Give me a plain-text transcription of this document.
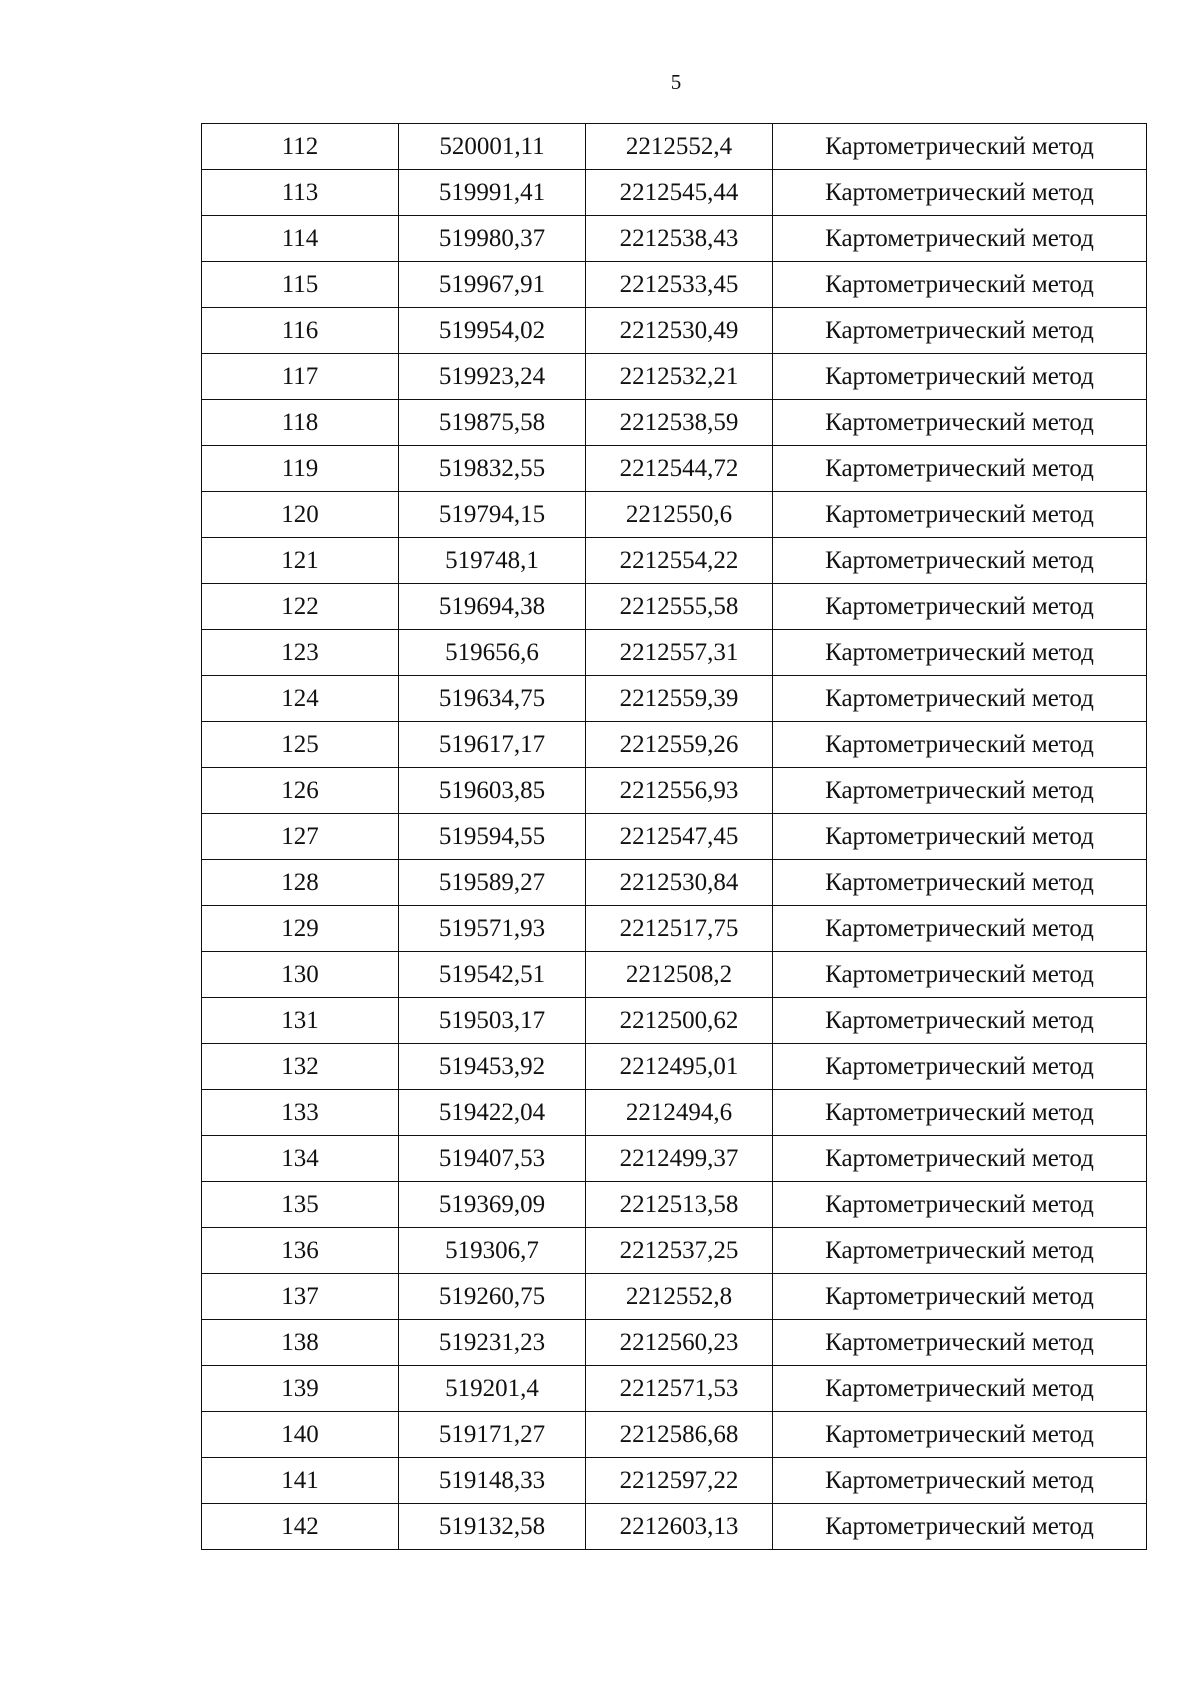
5
112	520001,11	2212552,4	Картометрический метод
113	519991,41	2212545,44	Картометрический метод
114	519980,37	2212538,43	Картометрический метод
115	519967,91	2212533,45	Картометрический метод
116	519954,02	2212530,49	Картометрический метод
117	519923,24	2212532,21	Картометрический метод
118	519875,58	2212538,59	Картометрический метод
119	519832,55	2212544,72	Картометрический метод
120	519794,15	2212550,6	Картометрический метод
121	519748,1	2212554,22	Картометрический метод
122	519694,38	2212555,58	Картометрический метод
123	519656,6	2212557,31	Картометрический метод
124	519634,75	2212559,39	Картометрический метод
125	519617,17	2212559,26	Картометрический метод
126	519603,85	2212556,93	Картометрический метод
127	519594,55	2212547,45	Картометрический метод
128	519589,27	2212530,84	Картометрический метод
129	519571,93	2212517,75	Картометрический метод
130	519542,51	2212508,2	Картометрический метод
131	519503,17	2212500,62	Картометрический метод
132	519453,92	2212495,01	Картометрический метод
133	519422,04	2212494,6	Картометрический метод
134	519407,53	2212499,37	Картометрический метод
135	519369,09	2212513,58	Картометрический метод
136	519306,7	2212537,25	Картометрический метод
137	519260,75	2212552,8	Картометрический метод
138	519231,23	2212560,23	Картометрический метод
139	519201,4	2212571,53	Картометрический метод
140	519171,27	2212586,68	Картометрический метод
141	519148,33	2212597,22	Картометрический метод
142	519132,58	2212603,13	Картометрический метод
